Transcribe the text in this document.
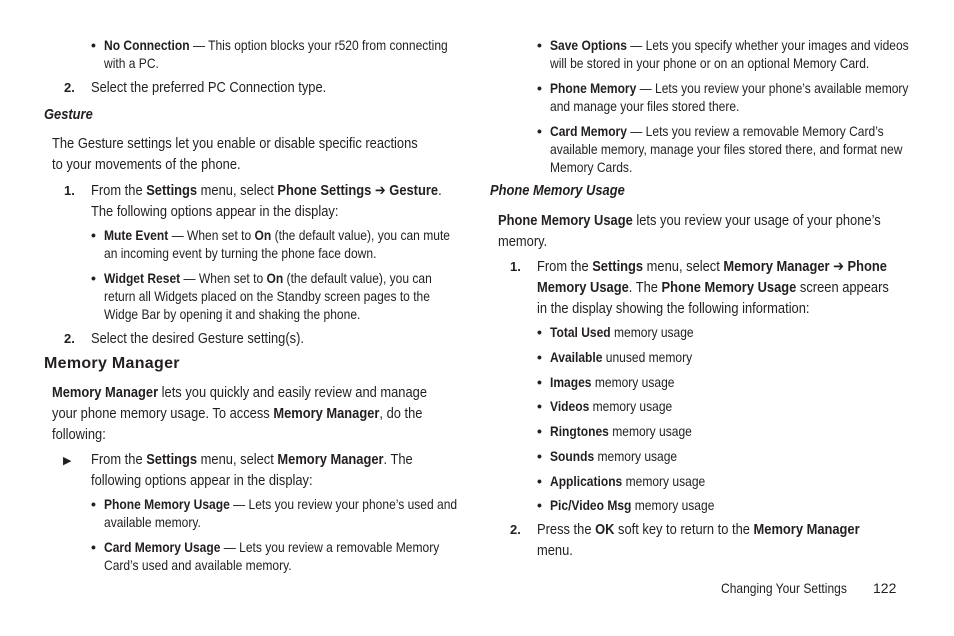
• No Connection — This option blocks your r520 from connecting
with a PC.
2. Select the preferred PC Connection type.
Gesture
The Gesture settings let you enable or disable specific reactions
to your movements of the phone.
1. From the Settings menu, select Phone Settings ➔ Gesture.
The following options appear in the display:
• Mute Event — When set to On (the default value), you can mute
an incoming event by turning the phone face down.
• Widget Reset — When set to On (the default value), you can
return all Widgets placed on the Standby screen pages to the
Widge Bar by opening it and shaking the phone.
2. Select the desired Gesture setting(s).
Memory Manager
Memory Manager lets you quickly and easily review and manage
your phone memory usage. To access Memory Manager, do the
following:
▶ From the Settings menu, select Memory Manager. The
following options appear in the display:
• Phone Memory Usage — Lets you review your phone’s used and
available memory.
• Card Memory Usage — Lets you review a removable Memory
Card’s used and available memory.
• Save Options — Lets you specify whether your images and videos
will be stored in your phone or on an optional Memory Card.
• Phone Memory — Lets you review your phone’s available memory
and manage your files stored there.
• Card Memory — Lets you review a removable Memory Card’s
available memory, manage your files stored there, and format new
Memory Cards.
Phone Memory Usage
Phone Memory Usage lets you review your usage of your phone’s
memory.
1. From the Settings menu, select Memory Manager ➔ Phone
Memory Usage. The Phone Memory Usage screen appears
in the display showing the following information:
• Total Used memory usage
• Available unused memory
• Images memory usage
• Videos memory usage
• Ringtones memory usage
• Sounds memory usage
• Applications memory usage
• Pic/Video Msg memory usage
2. Press the OK soft key to return to the Memory Manager
menu.
Changing Your Settings	122
